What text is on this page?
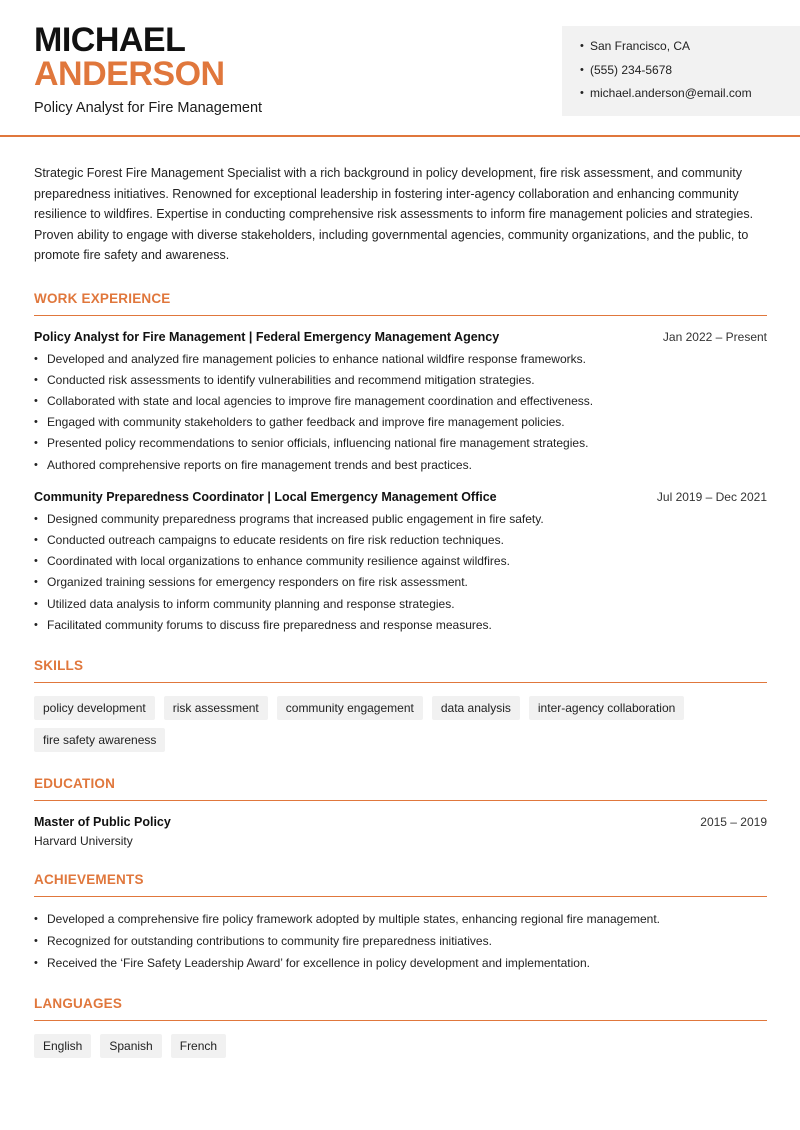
MICHAEL
ANDERSON
Policy Analyst for Fire Management
• San Francisco, CA
• (555) 234-5678
• michael.anderson@email.com

Strategic Forest Fire Management Specialist with a rich background in policy development, fire risk assessment, and community preparedness initiatives. Renowned for exceptional leadership in fostering inter-agency collaboration and enhancing community resilience to wildfires. Expertise in conducting comprehensive risk assessments to inform fire management policies and strategies. Proven ability to engage with diverse stakeholders, including governmental agencies, community organizations, and the public, to promote fire safety and awareness.

WORK EXPERIENCE
Policy Analyst for Fire Management | Federal Emergency Management Agency	Jan 2022 – Present
• Developed and analyzed fire management policies to enhance national wildfire response frameworks.
• Conducted risk assessments to identify vulnerabilities and recommend mitigation strategies.
• Collaborated with state and local agencies to improve fire management coordination and effectiveness.
• Engaged with community stakeholders to gather feedback and improve fire management policies.
• Presented policy recommendations to senior officials, influencing national fire management strategies.
• Authored comprehensive reports on fire management trends and best practices.
Community Preparedness Coordinator | Local Emergency Management Office	Jul 2019 – Dec 2021
• Designed community preparedness programs that increased public engagement in fire safety.
• Conducted outreach campaigns to educate residents on fire risk reduction techniques.
• Coordinated with local organizations to enhance community resilience against wildfires.
• Organized training sessions for emergency responders on fire risk assessment.
• Utilized data analysis to inform community planning and response strategies.
• Facilitated community forums to discuss fire preparedness and response measures.
SKILLS
policy development	risk assessment	community engagement	data analysis	inter-agency collaboration
fire safety awareness
EDUCATION
Master of Public Policy	2015 – 2019
Harvard University
ACHIEVEMENTS
• Developed a comprehensive fire policy framework adopted by multiple states, enhancing regional fire management.
• Recognized for outstanding contributions to community fire preparedness initiatives.
• Received the ‘Fire Safety Leadership Award’ for excellence in policy development and implementation.
LANGUAGES
English	Spanish	French
